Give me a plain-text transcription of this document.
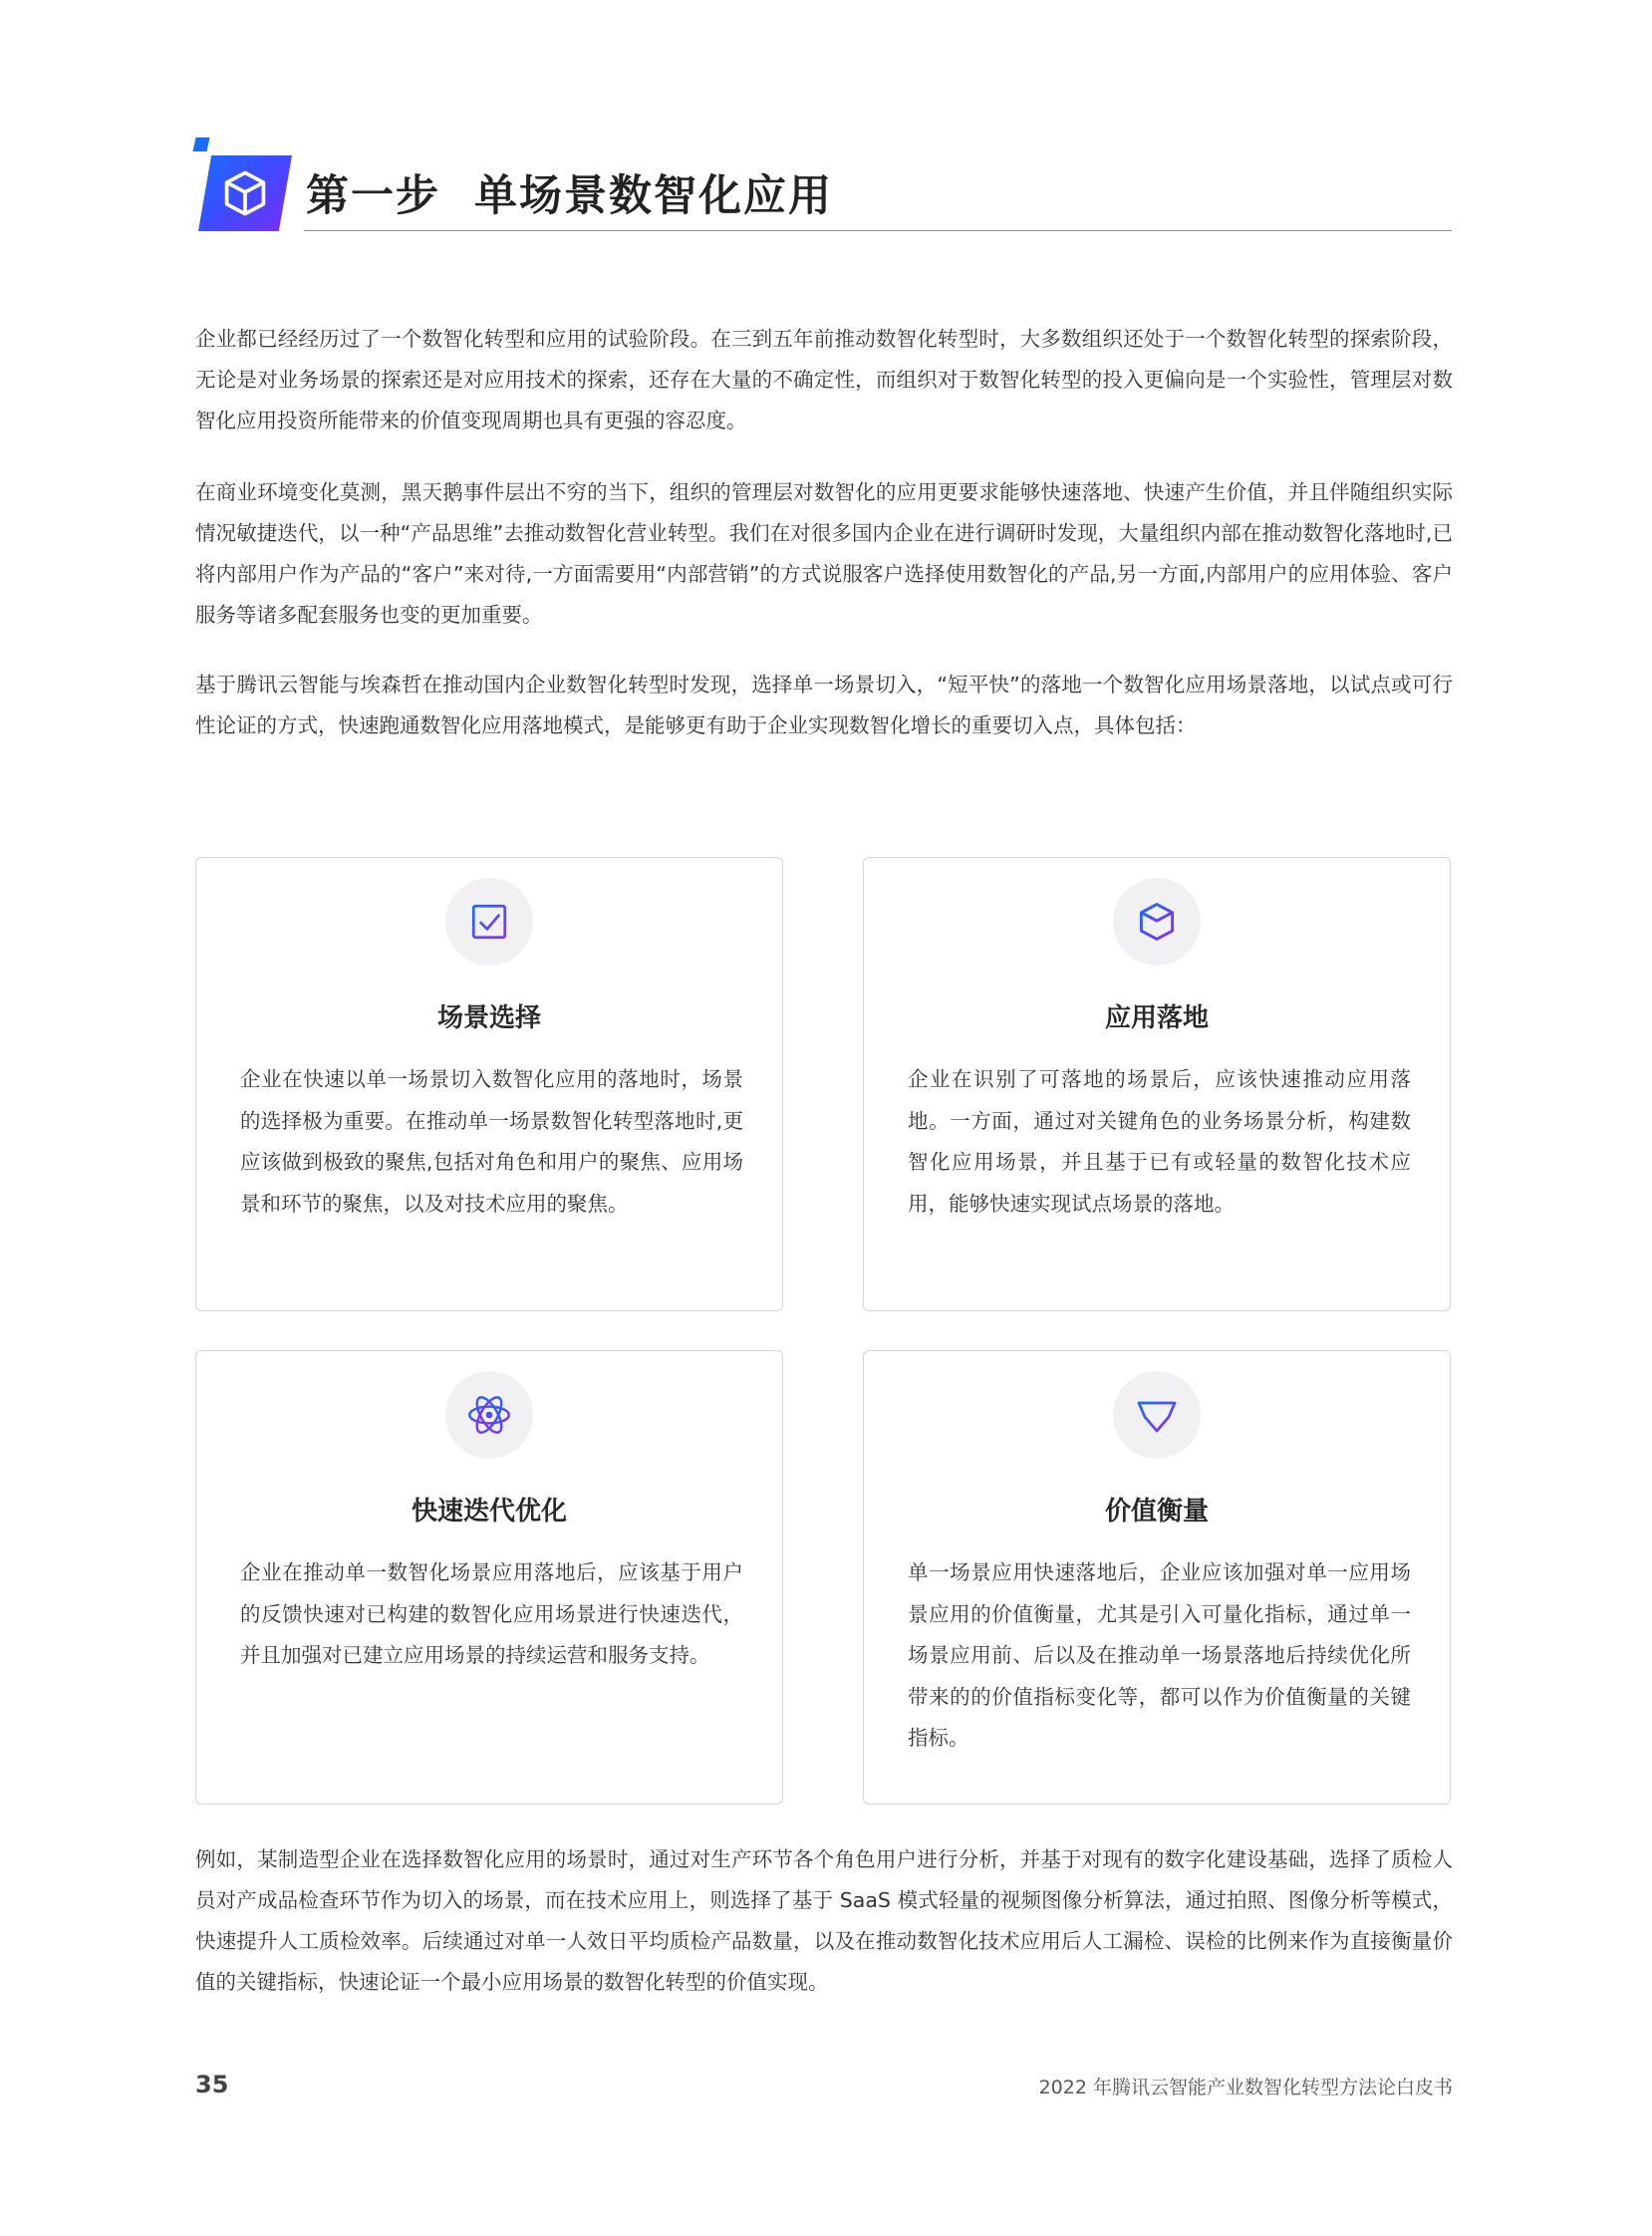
第一步  单场景数智化应用

企业都已经经历过了一个数智化转型和应用的试验阶段。在三到五年前推动数智化转型时，大多数组织还处于一个数智化转型的探索阶段，无论是对业务场景的探索还是对应用技术的探索，还存在大量的不确定性，而组织对于数智化转型的投入更偏向是一个实验性，管理层对数智化应用投资所能带来的价值变现周期也具有更强的容忍度。

在商业环境变化莫测，黑天鹅事件层出不穷的当下，组织的管理层对数智化的应用更要求能够快速落地、快速产生价值，并且伴随组织实际情况敏捷迭代，以一种“产品思维”去推动数智化营业转型。我们在对很多国内企业在进行调研时发现，大量组织内部在推动数智化落地时,已将内部用户作为产品的“客户”来对待,一方面需要用“内部营销”的方式说服客户选择使用数智化的产品,另一方面,内部用户的应用体验、客户服务等诸多配套服务也变的更加重要。

基于腾讯云智能与埃森哲在推动国内企业数智化转型时发现，选择单一场景切入，“短平快”的落地一个数智化应用场景落地，以试点或可行性论证的方式，快速跑通数智化应用落地模式，是能够更有助于企业实现数智化增长的重要切入点，具体包括：

场景选择

企业在快速以单一场景切入数智化应用的落地时，场景的选择极为重要。在推动单一场景数智化转型落地时,更应该做到极致的聚焦,包括对角色和用户的聚焦、应用场景和环节的聚焦，以及对技术应用的聚焦。

应用落地

企业在识别了可落地的场景后，应该快速推动应用落地。一方面，通过对关键角色的业务场景分析，构建数智化应用场景，并且基于已有或轻量的数智化技术应用，能够快速实现试点场景的落地。

快速迭代优化

企业在推动单一数智化场景应用落地后，应该基于用户的反馈快速对已构建的数智化应用场景进行快速迭代，并且加强对已建立应用场景的持续运营和服务支持。

价值衡量

单一场景应用快速落地后，企业应该加强对单一应用场景应用的价值衡量，尤其是引入可量化指标，通过单一场景应用前、后以及在推动单一场景落地后持续优化所带来的的价值指标变化等，都可以作为价值衡量的关键指标。

例如，某制造型企业在选择数智化应用的场景时，通过对生产环节各个角色用户进行分析，并基于对现有的数字化建设基础，选择了质检人员对产成品检查环节作为切入的场景，而在技术应用上，则选择了基于 SaaS 模式轻量的视频图像分析算法，通过拍照、图像分析等模式，快速提升人工质检效率。后续通过对单一人效日平均质检产品数量，以及在推动数智化技术应用后人工漏检、误检的比例来作为直接衡量价值的关键指标，快速论证一个最小应用场景的数智化转型的价值实现。

35	2022 年腾讯云智能产业数智化转型方法论白皮书
